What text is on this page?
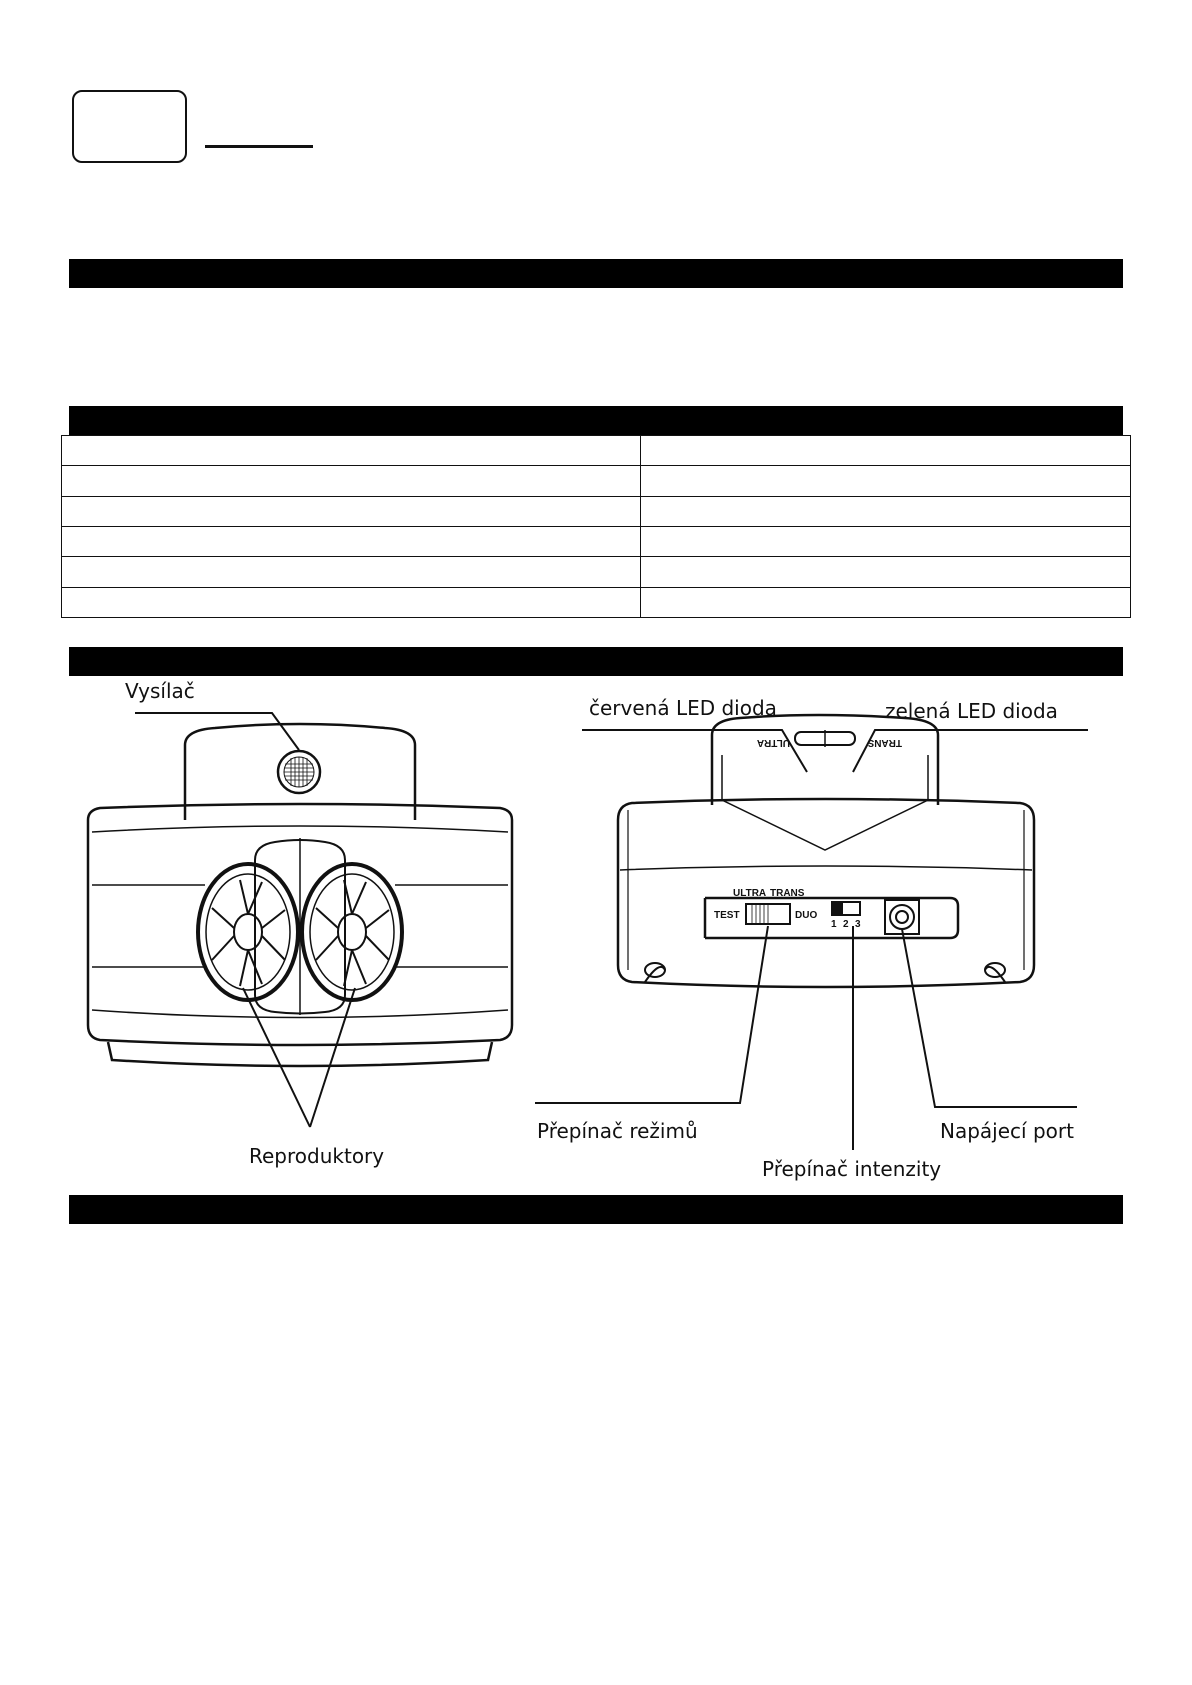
Vysílač
Reproduktory
ULTRA	TRANS
ULTRA TRANS
TEST	DUO
1 2 3
červená LED dioda	zelená LED dioda
Přepínač režimů
Přepínač intenzity
Napájecí port
